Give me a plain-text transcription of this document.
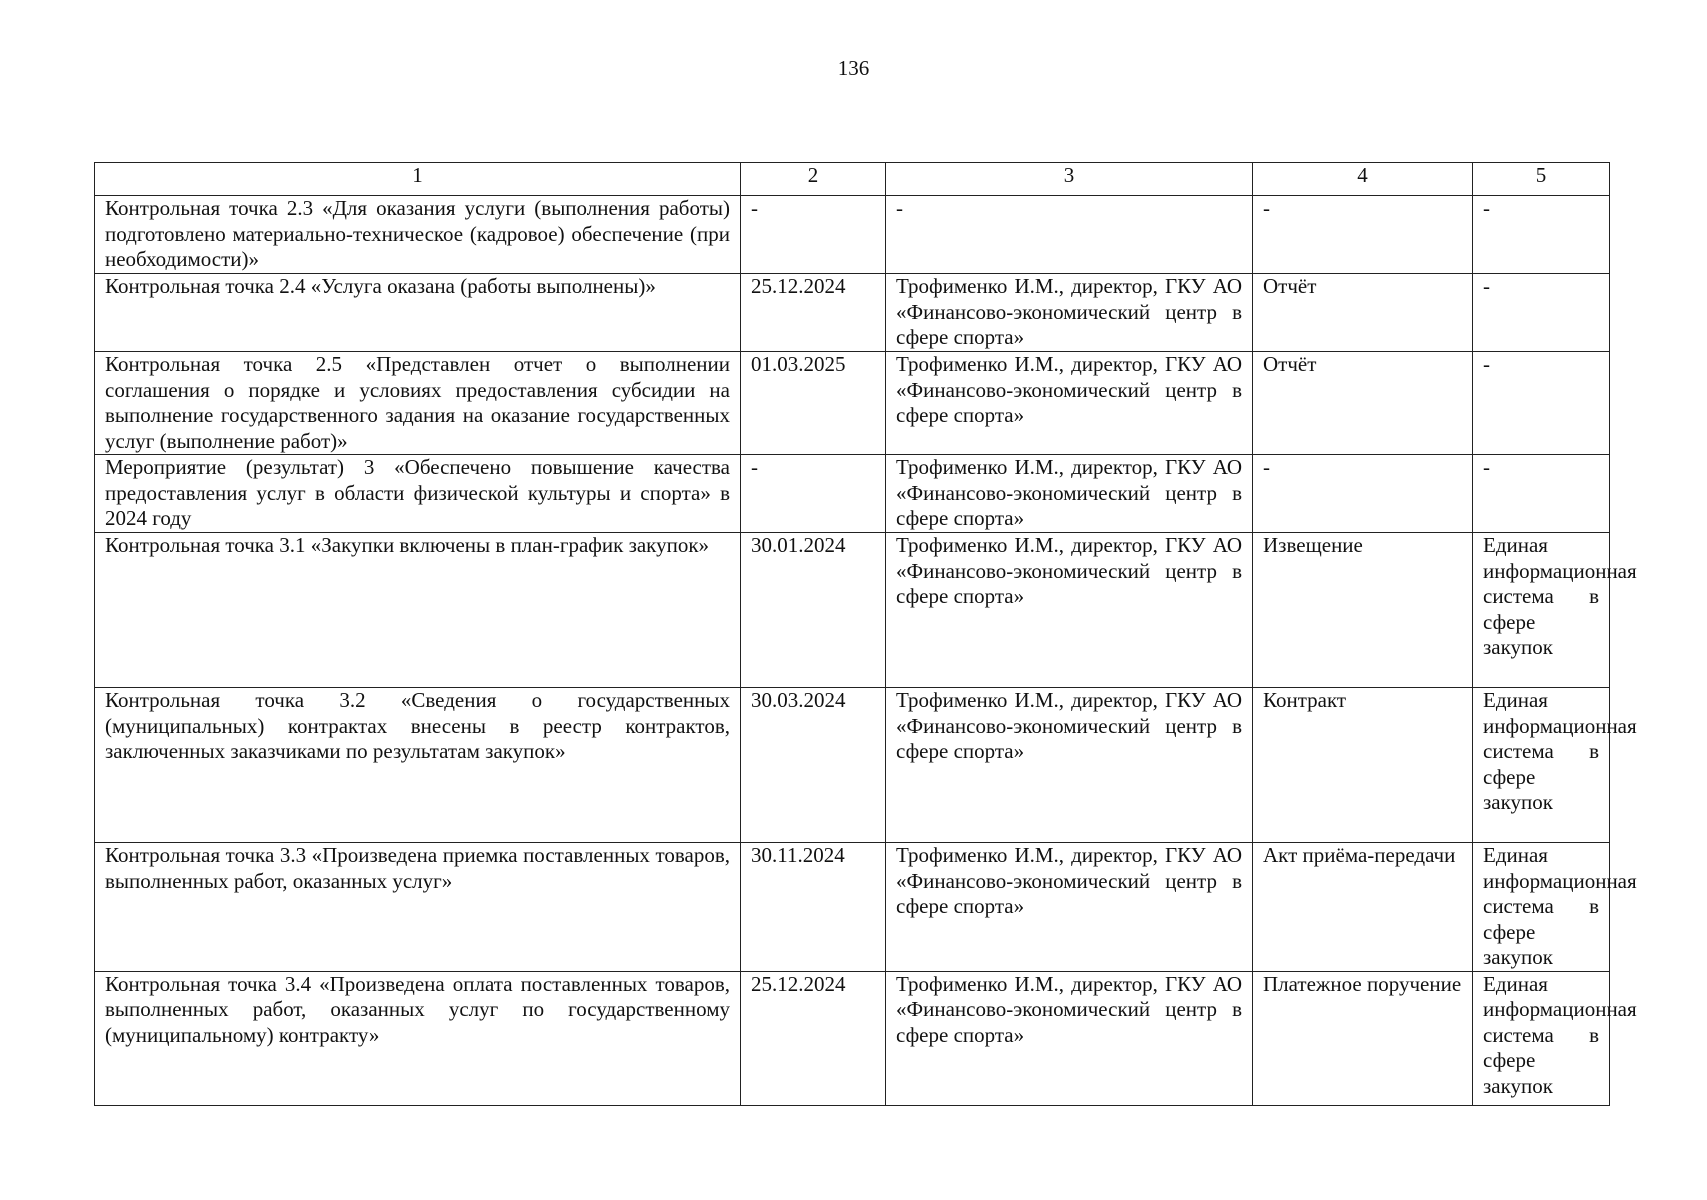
136
1	2	3	4	5
Контрольная точка 2.3 «Для оказания услуги (выполнения работы) подготовлено материально-техническое (кадровое) обеспечение (при необходимости)»	-	-	-	-
Контрольная точка 2.4 «Услуга оказана (работы выполнены)»	25.12.2024	Трофименко И.М., директор, ГКУ АО «Финансово-экономический центр в сфере спорта»	Отчёт	-
Контрольная точка 2.5 «Представлен отчет о выполнении соглашения о порядке и условиях предоставления субсидии на выполнение государственного задания на оказание государственных услуг (выполнение работ)»	01.03.2025	Трофименко И.М., директор, ГКУ АО «Финансово-экономический центр в сфере спорта»	Отчёт	-
Мероприятие (результат) 3 «Обеспечено повышение качества предоставления услуг в области физической культуры и спорта» в 2024 году	-	Трофименко И.М., директор, ГКУ АО «Финансово-экономический центр в сфере спорта»	-	-
Контрольная точка 3.1 «Закупки включены в план-график закупок»	30.01.2024	Трофименко И.М., директор, ГКУ АО «Финансово-экономический центр в сфере спорта»	Извещение	Единая информационная система в сфере закупок
Контрольная точка 3.2 «Сведения о государственных (муниципальных) контрактах внесены в реестр контрактов, заключенных заказчиками по результатам закупок»	30.03.2024	Трофименко И.М., директор, ГКУ АО «Финансово-экономический центр в сфере спорта»	Контракт	Единая информационная система в сфере закупок
Контрольная точка 3.3 «Произведена приемка поставленных товаров, выполненных работ, оказанных услуг»	30.11.2024	Трофименко И.М., директор, ГКУ АО «Финансово-экономический центр в сфере спорта»	Акт приёма-передачи	Единая информационная система в сфере закупок
Контрольная точка 3.4 «Произведена оплата поставленных товаров, выполненных работ, оказанных услуг по государственному (муниципальному) контракту»	25.12.2024	Трофименко И.М., директор, ГКУ АО «Финансово-экономический центр в сфере спорта»	Платежное поручение	Единая информационная система в сфере закупок
